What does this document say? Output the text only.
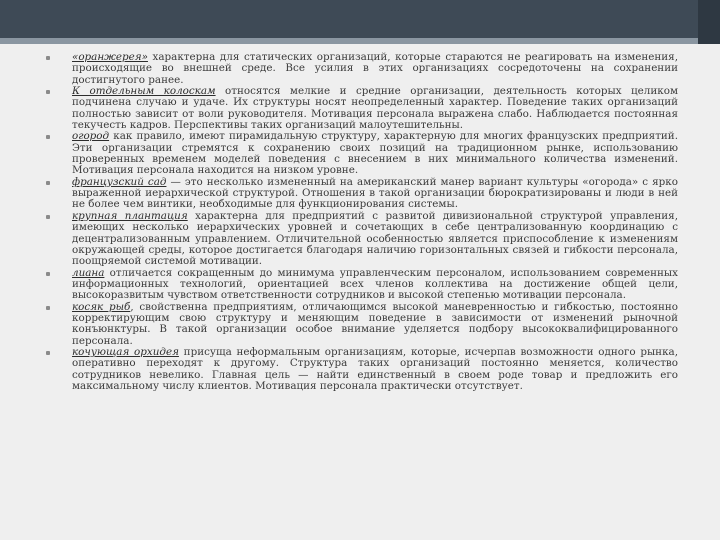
«оранжерея» характерна для статических организаций, которые стараются не реагировать на изменения, происходящие во внешней среде. Все усилия в этих организациях сосредоточены на сохранении достигнутого ранее.
К отдельным колоскам относятся мелкие и средние организации, деятельность которых целиком подчинена случаю и удаче. Их структуры носят неопределенный характер. Поведение таких организаций полностью зависит от воли руководителя. Мотивация персонала выражена слабо. Наблюдается постоянная текучесть кадров. Перспективы таких организаций малоутешительны.
огород как правило, имеют пирамидальную структуру, характерную для многих французских предприятий. Эти организации стремятся к сохранению своих позиций на традиционном рынке, использованию проверенных временем моделей поведения с внесением в них минимального количества изменений. Мотивация персонала находится на низком уровне.
французский сад — это несколько измененный на американский манер вариант культуры «огорода» с ярко выраженной иерархической структурой. Отношения в такой организации бюрократизированы и люди в ней не более чем винтики, необходимые для функционирования системы.
крупная плантация характерна для предприятий с развитой дивизиональной структурой управления, имеющих несколько иерархических уровней и сочетающих в себе централизованную координацию с децентрализованным управлением. Отличительной особенностью является приспособление к изменениям окружающей среды, которое достигается благодаря наличию горизонтальных связей и гибкости персонала, поощряемой системой мотивации.
лиана отличается сокращенным до минимума управленческим персоналом, использованием современных информационных технологий, ориентацией всех членов коллектива на достижение общей цели, высокоразвитым чувством ответственности сотрудников и высокой степенью мотивации персонала.
косяк рыб, свойственна предприятиям, отличающимся высокой маневренностью и гибкостью, постоянно корректирующим свою структуру и меняющим поведение в зависимости от изменений рыночной конъюнктуры. В такой организации особое внимание уделяется подбору высококвалифицированного персонала.
кочующая орхидея присуща неформальным организациям, которые, исчерпав возможности одного рынка, оперативно переходят к другому. Структура таких организаций постоянно меняется, количество сотрудников невелико. Главная цель — найти единственный в своем роде товар и предложить его максимальному числу клиентов. Мотивация персонала практически отсутствует.
